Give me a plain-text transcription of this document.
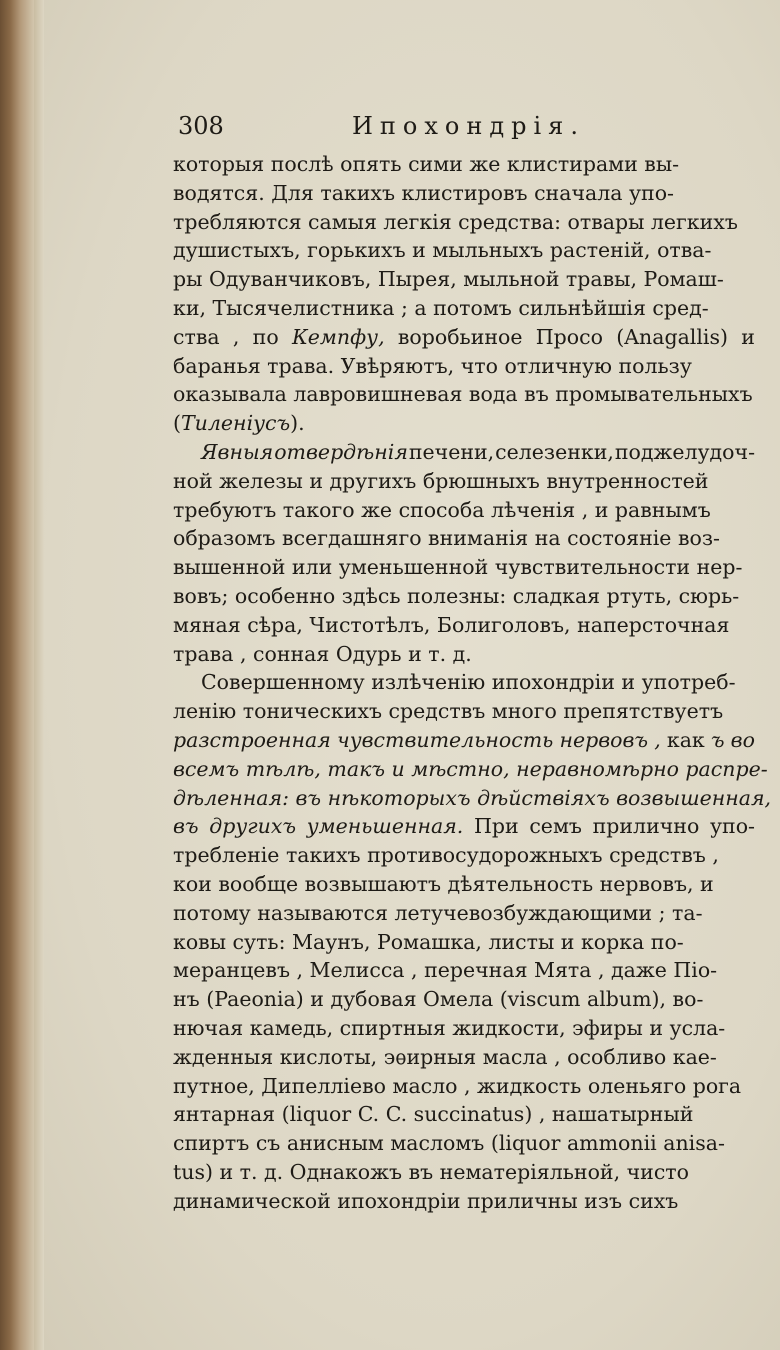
308	Ипохондрія.
которыя послѣ опять сими же клистирами вы-
водятся. Для такихъ клистировъ сначала упо-
требляются самыя легкія средства: отвары легкихъ
душистыхъ, горькихъ и мыльныхъ растеній, отва-
ры Одуванчиковъ, Пырея, мыльной травы, Ромаш-
ки, Тысячелистника ; а потомъ сильнѣйшія сред-
ства , по Кемпфу, воробьиное Просо (Anagallis) и
баранья трава. Увѣряютъ, что отличную пользу
оказывала лавровишневая вода въ промывательныхъ
(Тиленіусъ).
Явныя отвердѣнія печени, селезенки, поджелудоч-
ной железы и другихъ брюшныхъ внутренностей
требуютъ такого же способа лѣченія , и равнымъ
образомъ всегдашняго вниманія на состояніе воз-
вышенной или уменьшенной чувствительности нер-
вовъ; особенно здѣсь полезны: сладкая ртуть, сюрь-
мяная сѣра, Чистотѣлъ, Болиголовъ, наперсточная
трава , сонная Одурь и т. д.
Совершенному излѣченію ипохондріи и употреб-
ленію тоническихъ средствъ много препятствуетъ
разстроенная чувствительность нервовъ , как ъ во
всемъ тѣлѣ, такъ и мѣстно, неравномѣрно распре-
дѣленная: въ нѣкоторыхъ дѣйствіяхъ возвышенная,
въ другихъ уменьшенная. При семъ прилично упо-
требленіе такихъ противосудорожныхъ средствъ ,
кои вообще возвышаютъ дѣятельность нервовъ, и
потому называются летучевозбуждающими ; та-
ковы суть: Маунъ, Ромашка, листы и корка по-
меранцевъ , Мелисса , перечная Мята , даже Піо-
нъ (Paeonia) и дубовая Омела (viscum album), во-
нючая камедь, спиртныя жидкости, эфиры и усла-
жденныя кислоты, эѳирныя масла , особливо кае-
путное, Дипелліево масло , жидкость оленьяго рога
янтарная (liquor C. C. succinatus) , нашатырный
спиртъ съ анисным масломъ (liquor ammonii anisa-
tus) и т. д. Однакожъ въ нематеріяльной, чисто
динамической ипохондріи приличны изъ сихъ
